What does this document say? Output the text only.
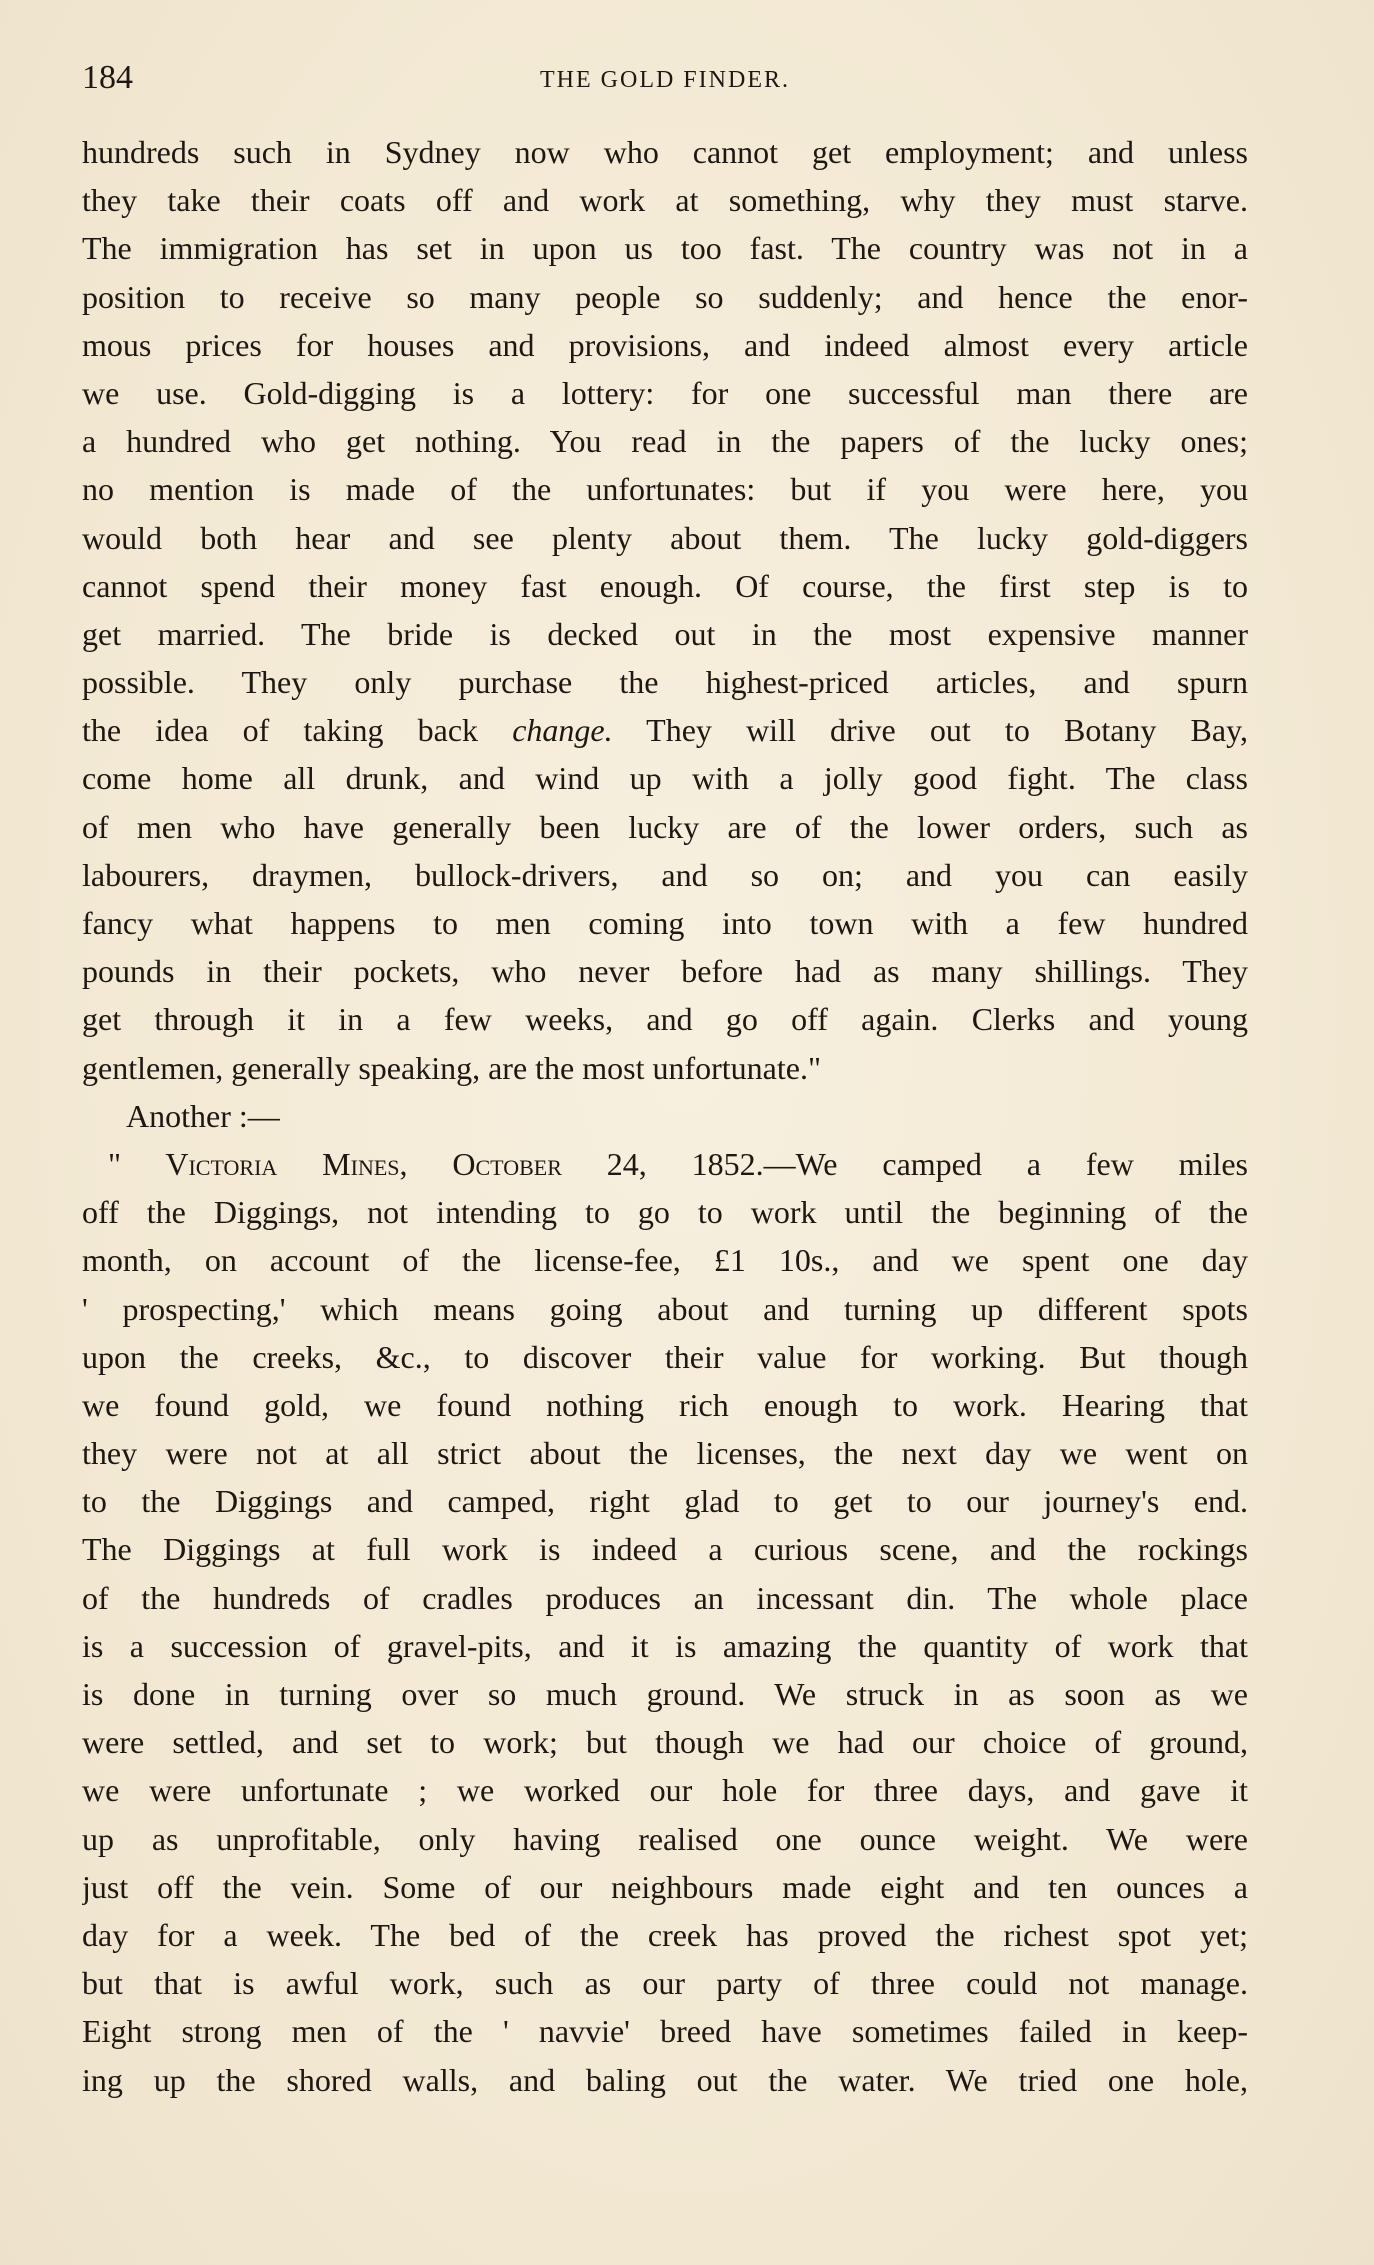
184	THE GOLD FINDER.
hundreds such in Sydney now who cannot get employment; and unless
they take their coats off and work at something, why they must starve.
The immigration has set in upon us too fast. The country was not in a
position to receive so many people so suddenly; and hence the enor-
mous prices for houses and provisions, and indeed almost every article
we use. Gold-digging is a lottery: for one successful man there are
a hundred who get nothing. You read in the papers of the lucky ones;
no mention is made of the unfortunates: but if you were here, you
would both hear and see plenty about them. The lucky gold-diggers
cannot spend their money fast enough. Of course, the first step is to
get married. The bride is decked out in the most expensive manner
possible. They only purchase the highest-priced articles, and spurn
the idea of taking back change. They will drive out to Botany Bay,
come home all drunk, and wind up with a jolly good fight. The class
of men who have generally been lucky are of the lower orders, such as
labourers, draymen, bullock-drivers, and so on; and you can easily
fancy what happens to men coming into town with a few hundred
pounds in their pockets, who never before had as many shillings. They
get through it in a few weeks, and go off again. Clerks and young
gentlemen, generally speaking, are the most unfortunate."
Another :—
" Victoria Mines, October 24, 1852.—We camped a few miles
off the Diggings, not intending to go to work until the beginning of the
month, on account of the license-fee, £1 10s., and we spent one day
' prospecting,' which means going about and turning up different spots
upon the creeks, &c., to discover their value for working. But though
we found gold, we found nothing rich enough to work. Hearing that
they were not at all strict about the licenses, the next day we went on
to the Diggings and camped, right glad to get to our journey's end.
The Diggings at full work is indeed a curious scene, and the rockings
of the hundreds of cradles produces an incessant din. The whole place
is a succession of gravel-pits, and it is amazing the quantity of work that
is done in turning over so much ground. We struck in as soon as we
were settled, and set to work; but though we had our choice of ground,
we were unfortunate ; we worked our hole for three days, and gave it
up as unprofitable, only having realised one ounce weight. We were
just off the vein. Some of our neighbours made eight and ten ounces a
day for a week. The bed of the creek has proved the richest spot yet;
but that is awful work, such as our party of three could not manage.
Eight strong men of the ' navvie' breed have sometimes failed in keep-
ing up the shored walls, and baling out the water. We tried one hole,
